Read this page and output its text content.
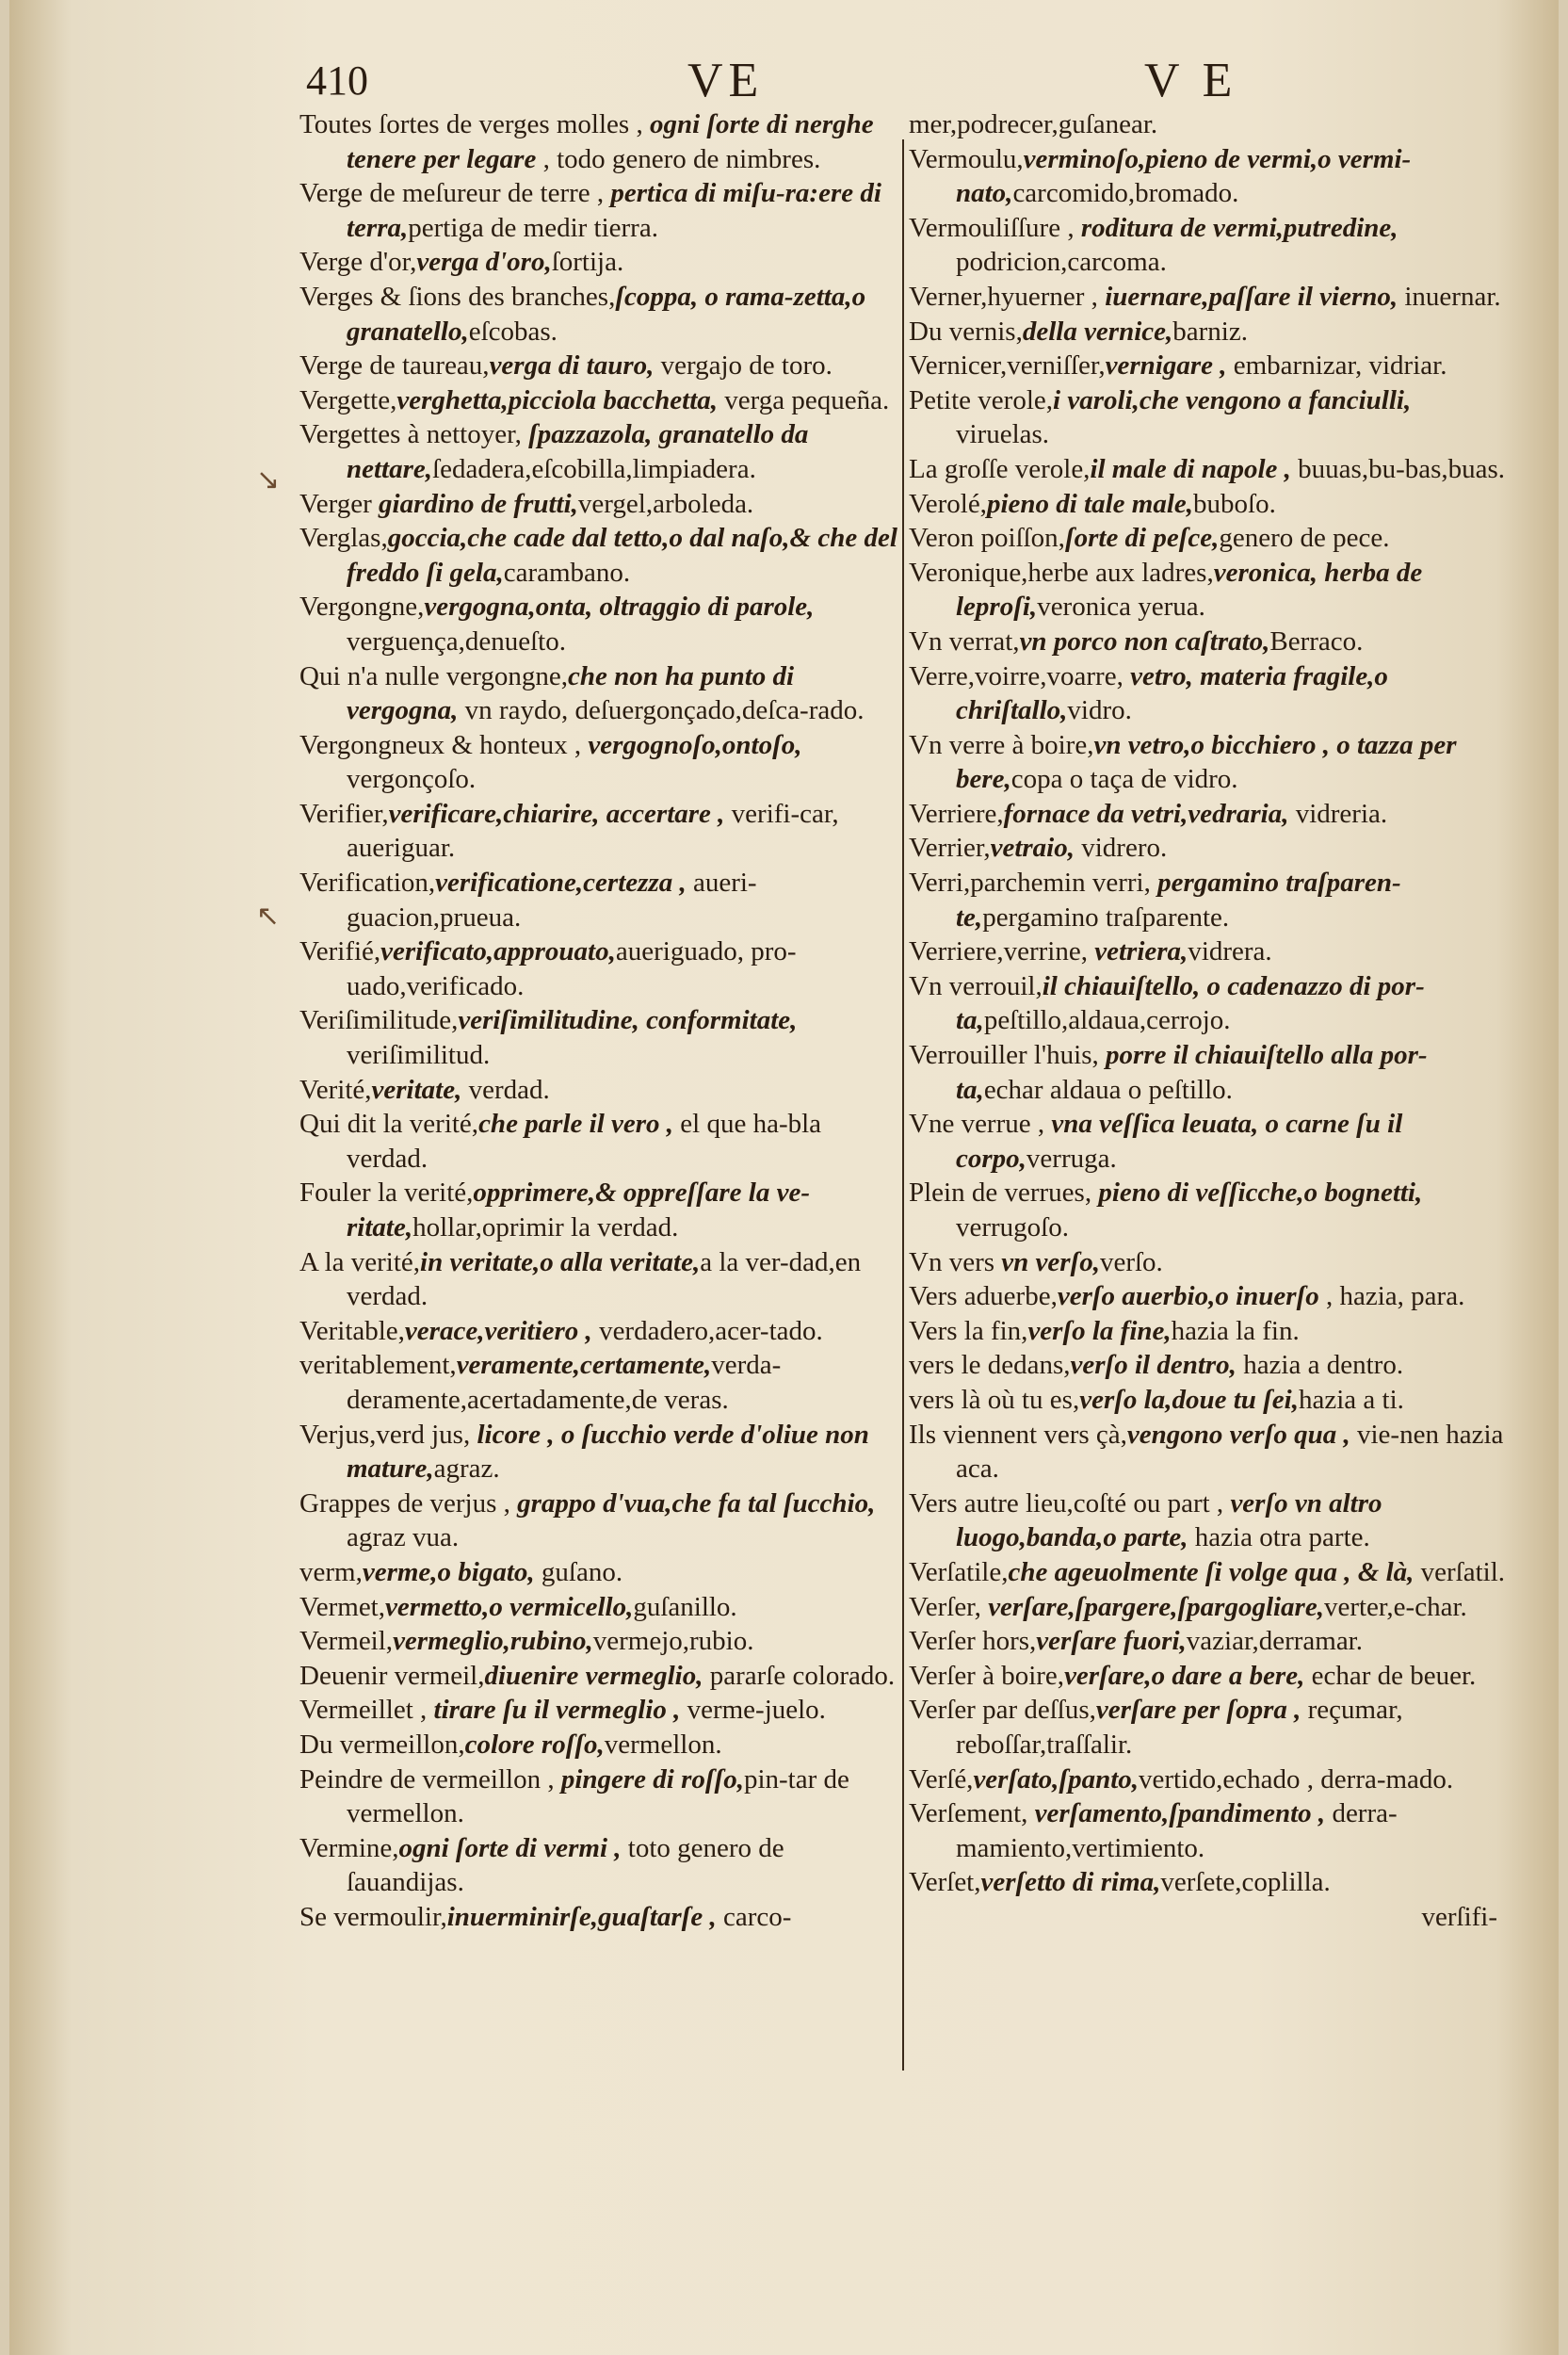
410	VE	V E
↘
↖

Toutes ſortes de verges molles , ogni ſorte di nerghe tenere per legare , todo genero de nimbres.

Verge de meſureur de terre , pertica di miſu-ra:ere di terra,pertiga de medir tierra.

Verge d'or,verga d'oro,ſortija.

Verges & ſions des branches,ſcoppa, o rama-zetta,o granatello,eſcobas.

Verge de taureau,verga di tauro, vergajo de toro.

Vergette,verghetta,picciola bacchetta, verga pequeña.

Vergettes à nettoyer, ſpazzazola, granatello da nettare,ſedadera,eſcobilla,limpiadera.

Verger giardino de frutti,vergel,arboleda.

Verglas,goccia,che cade dal tetto,o dal naſo,& che del freddo ſi gela,carambano.

Vergongne,vergogna,onta, oltraggio di parole, verguença,denueſto.

Qui n'a nulle vergongne,che non ha punto di vergogna, vn raydo, deſuergonçado,deſca-rado.

Vergongneux & honteux , vergognoſo,ontoſo, vergonçoſo.

Verifier,verificare,chiarire, accertare , verifi-car, aueriguar.

Verification,verificatione,certezza , aueri-guacion,prueua.

Verifié,verificato,approuato,aueriguado, pro-uado,verificado.

Veriſimilitude,veriſimilitudine, conformitate, veriſimilitud.

Verité,veritate, verdad.

Qui dit la verité,che parle il vero , el que ha-bla verdad.

Fouler la verité,opprimere,& oppreſſare la ve-ritate,hollar,oprimir la verdad.

A la verité,in veritate,o alla veritate,a la ver-dad,en verdad.

Veritable,verace,veritiero , verdadero,acer-tado.

veritablement,veramente,certamente,verda-deramente,acertadamente,de veras.

Verjus,verd jus, licore , o ſucchio verde d'oliue non mature,agraz.

Grappes de verjus , grappo d'vua,che fa tal ſucchio, agraz vua.

verm,verme,o bigato, guſano.

Vermet,vermetto,o vermicello,guſanillo.

Vermeil,vermeglio,rubino,vermejo,rubio.

Deuenir vermeil,diuenire vermeglio, pararſe colorado.

Vermeillet , tirare ſu il vermeglio , verme-juelo.

Du vermeillon,colore roſſo,vermellon.

Peindre de vermeillon , pingere di roſſo,pin-tar de vermellon.

Vermine,ogni ſorte di vermi , toto genero de ſauandijas.

Se vermoulir,inuerminirſe,guaſtarſe , carco-

mer,podrecer,guſanear.

Vermoulu,verminoſo,pieno de vermi,o vermi-nato,carcomido,bromado.

Vermouliſſure , roditura de vermi,putredine, podricion,carcoma.

Verner,hyuerner , iuernare,paſſare il vierno, inuernar.

Du vernis,della vernice,barniz.

Vernicer,verniſſer,vernigare , embarnizar, vidriar.

Petite verole,i varoli,che vengono a fanciulli, viruelas.

La groſſe verole,il male di napole , buuas,bu-bas,buas.

Verolé,pieno di tale male,buboſo.

Veron poiſſon,ſorte di peſce,genero de pece.

Veronique,herbe aux ladres,veronica, herba de leproſi,veronica yerua.

Vn verrat,vn porco non caſtrato,Berraco.

Verre,voirre,voarre, vetro, materia fragile,o chriſtallo,vidro.

Vn verre à boire,vn vetro,o bicchiero , o tazza per bere,copa o taça de vidro.

Verriere,fornace da vetri,vedraria, vidreria.

Verrier,vetraio, vidrero.

Verri,parchemin verri, pergamino traſparen-te,pergamino traſparente.

Verriere,verrine, vetriera,vidrera.

Vn verrouil,il chiauiſtello, o cadenazzo di por-ta,peſtillo,aldaua,cerrojo.

Verrouiller l'huis, porre il chiauiſtello alla por-ta,echar aldaua o peſtillo.

Vne verrue , vna veſſica leuata, o carne ſu il corpo,verruga.

Plein de verrues, pieno di veſſicche,o bognetti, verrugoſo.

Vn vers vn verſo,verſo.

Vers aduerbe,verſo auerbio,o inuerſo , hazia, para.

Vers la fin,verſo la fine,hazia la fin.

vers le dedans,verſo il dentro, hazia a dentro.

vers là où tu es,verſo la,doue tu ſei,hazia a ti.

Ils viennent vers çà,vengono verſo qua , vie-nen hazia aca.

Vers autre lieu,coſté ou part , verſo vn altro luogo,banda,o parte, hazia otra parte.

Verſatile,che ageuolmente ſi volge qua , & là, verſatil.

Verſer, verſare,ſpargere,ſpargogliare,verter,e-char.

Verſer hors,verſare fuori,vaziar,derramar.

Verſer à boire,verſare,o dare a bere, echar de beuer.

Verſer par deſſus,verſare per ſopra , reçumar, reboſſar,traſſalir.

Verſé,verſato,ſpanto,vertido,echado , derra-mado.

Verſement, verſamento,ſpandimento , derra-mamiento,vertimiento.

Verſet,verſetto di rima,verſete,coplilla.

verſifi-
